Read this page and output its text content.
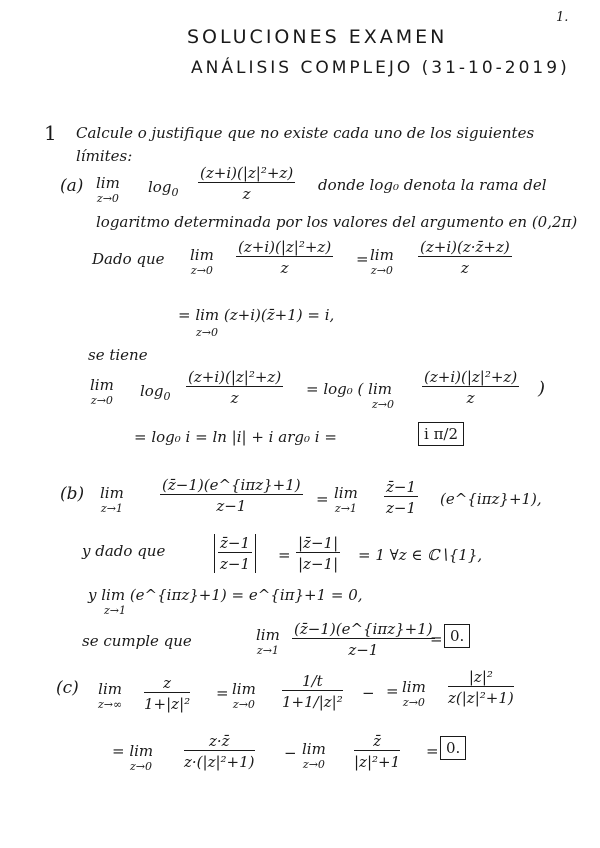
1.
SOLUCIONES EXAMEN
ANÁLISIS COMPLEJO (31-10-2019)
1 Calcule o justifique que no existe cada uno de los siguientes
límites:
(a) lim
z→0
$\log_0 \frac{\text{(z+i)(|z|²+z)}}{z}$ donde log₀ denota la rama del
logaritmo determinada por los valores del argumento en (0,2π)
Dado que lim
$z\to 0 \frac{\text{(z+i)(|z|²+z)}}{z} = \lim$
$z\to 0 \frac{(z+i)(z\cdot z̄+z)}{z}$
= lim (z+i)(z̄+1) = i,
z→0
se tiene
lim
z→0
$\log_0 \frac{\text{(z+i)(|z|²+z)}}{z} = \log_0$ ( lim
$z\to 0 \frac{\text{(z+i)(|z|²+z)}}{z}$ )
= log₀ i = ln |i| + i arg₀ i =	i π/2
(b) lim
z→1
(z̄−1)(e^{iπz}+1)
z−1	= lim
$z\to 1 \frac{z̄-1}{z-1}$ (e^{iπz}+1),
y dado que	$\frac{z̄-1}{z-1} = \frac{|z̄-1|}{|z-1|} = 1$ ∀z ∈ ℂ∖{1},
y lim (e^{iπz}+1) = e^{iπ}+1 = 0,
z→1
se cumple que	lim
z→1
(z̄−1)(e^{iπz}+1)
z−1
= 0.
(c) lim
$z\to\infty \frac{z}{\text{1+|z|²}} = \lim$
$z\to 0 \frac{1/t}{\text{1+1/|z|²}}$ − = lim
$z\to 0 \frac{\text{|z|²}}{\text{z(|z|²+1)}}$
= lim
$z\to 0 \frac{z\cdot z̄}{\text{z·(|z|²+1)}} - \lim$
$z\to 0 \frac{z̄}{\text{|z|²+1}} = 0$.
